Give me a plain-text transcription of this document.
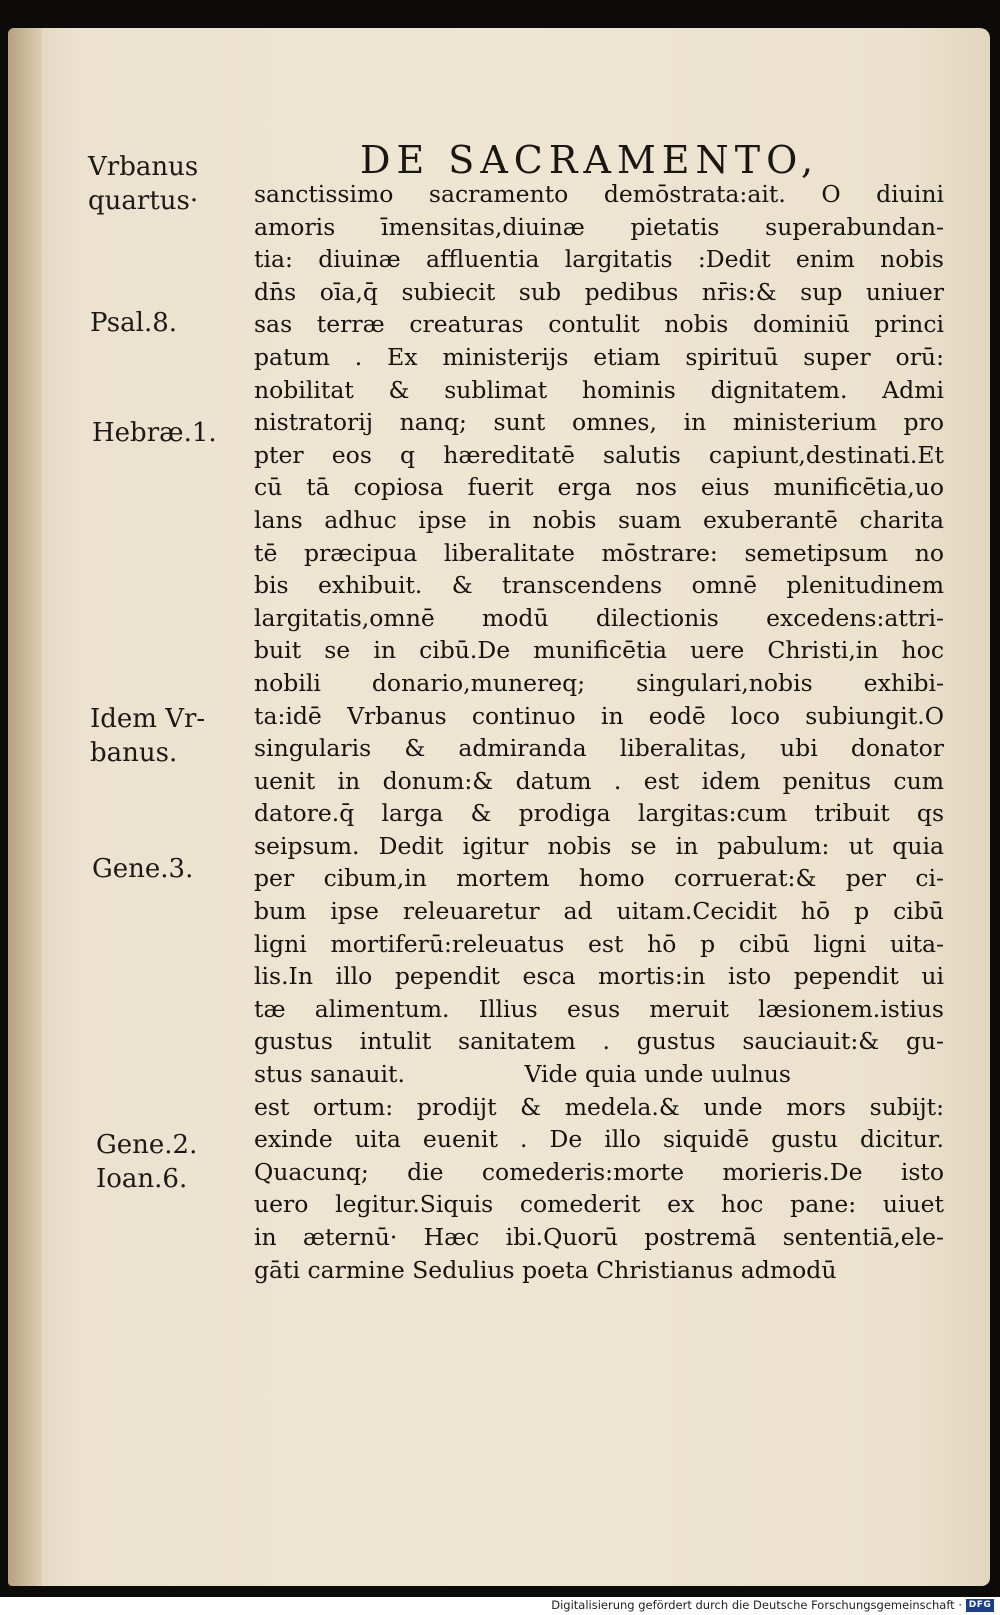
DE SACRAMENTO,
Vrbanus
quartus·
Psal.8.
Hebræ.1.
Idem Vr-
banus.
Gene.3.
Gene.2.
Ioan.6.
sanctissimo sacramento demōstrata:ait. O diuini
amoris īmensitas,diuinæ pietatis superabundan-
tia: diuinæ affluentia largitatis :Dedit enim nobis
dn̄s oīa,q̄ subiecit sub pedibus nr̄is:& sup uniuer
sas terræ creaturas contulit nobis dominiū princi
patum . Ex ministerijs etiam spirituū super orū:
nobilitat & sublimat hominis dignitatem. Admi
nistratorij nanq; sunt omnes, in ministerium pro
pter eos q hæreditatē salutis capiunt,destinati.Et
cū tā copiosa fuerit erga nos eius munificētia,uo
lans adhuc ipse in nobis suam exuberantē charita
tē præcipua liberalitate mōstrare: semetipsum no
bis exhibuit. & transcendens omnē plenitudinem
largitatis,omnē modū dilectionis excedens:attri-
buit se in cibū.De munificētia uere Christi,in hoc
nobili donario,munereq; singulari,nobis exhibi-
ta:idē Vrbanus continuo in eodē loco subiungit.O
singularis & admiranda liberalitas, ubi donator
uenit in donum:& datum . est idem penitus cum
datore.q̄ larga & prodiga largitas:cum tribuit qs
seipsum. Dedit igitur nobis se in pabulum: ut quia
per cibum,in mortem homo corruerat:& per ci-
bum ipse releuaretur ad uitam.Cecidit hō p cibū
ligni mortiferū:releuatus est hō p cibū ligni uita-
lis.In illo pependit esca mortis:in isto pependit ui
tæ alimentum. Illius esus meruit læsionem.istius
gustus intulit sanitatem . gustus sauciauit:& gu-
stus sanauit.                Vide quia unde uulnus
est ortum: prodijt & medela.& unde mors subijt:
exinde uita euenit . De illo siquidē gustu dicitur.
Quacunq; die comederis:morte morieris.De isto
uero legitur.Siquis comederit ex hoc pane: uiuet
in æternū· Hæc ibi.Quorū postremā sententiā,ele-
gāti carmine Sedulius poeta Christianus admodū
Digitalisierung gefördert durch die Deutsche Forschungsgemeinschaft · DFG
